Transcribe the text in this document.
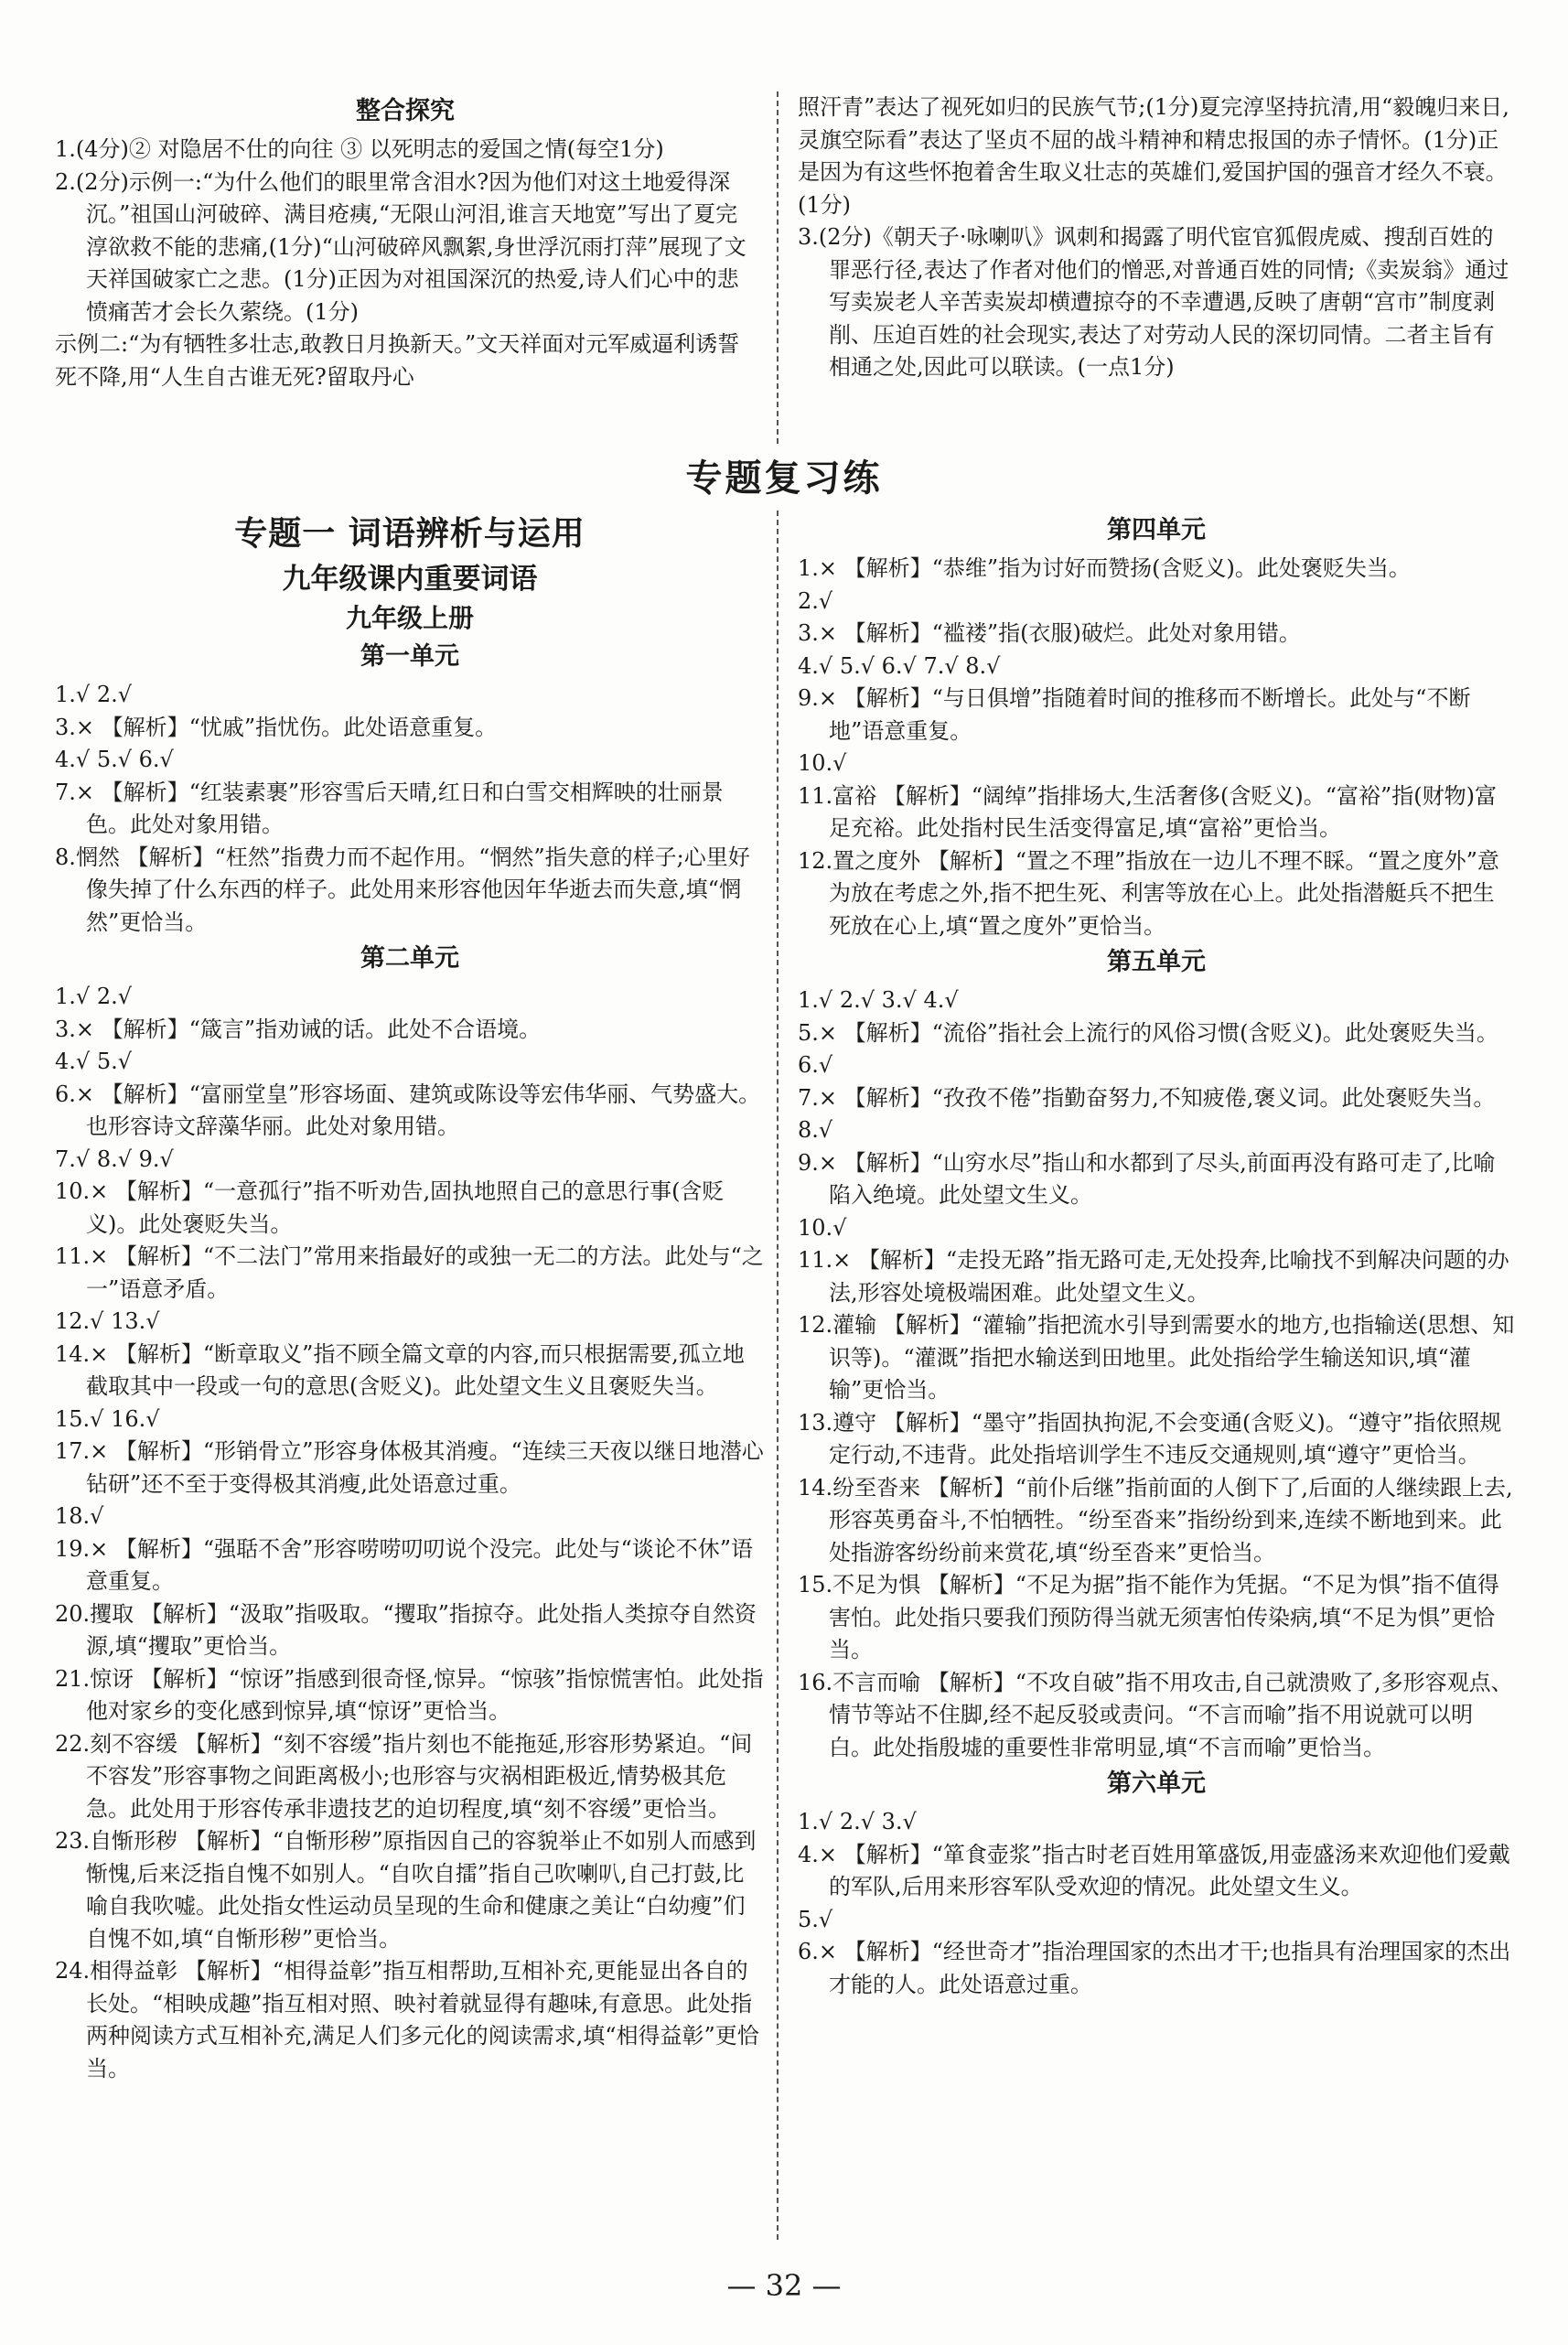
整合探究

1.(4分)② 对隐居不仕的向往 ③ 以死明志的爱国之情(每空1分)

2.(2分)示例一:“为什么他们的眼里常含泪水?因为他们对这土地爱得深沉。”祖国山河破碎、满目疮痍,“无限山河泪,谁言天地宽”写出了夏完淳欲救不能的悲痛,(1分)“山河破碎风飘絮,身世浮沉雨打萍”展现了文天祥国破家亡之悲。(1分)正因为对祖国深沉的热爱,诗人们心中的悲愤痛苦才会长久萦绕。(1分)

示例二:“为有牺牲多壮志,敢教日月换新天。”文天祥面对元军威逼利诱誓死不降,用“人生自古谁无死?留取丹心

照汗青”表达了视死如归的民族气节;(1分)夏完淳坚持抗清,用“毅魄归来日,灵旗空际看”表达了坚贞不屈的战斗精神和精忠报国的赤子情怀。(1分)正是因为有这些怀抱着舍生取义壮志的英雄们,爱国护国的强音才经久不衰。(1分)

3.(2分)《朝天子·咏喇叭》讽刺和揭露了明代宦官狐假虎威、搜刮百姓的罪恶行径,表达了作者对他们的憎恶,对普通百姓的同情;《卖炭翁》通过写卖炭老人辛苦卖炭却横遭掠夺的不幸遭遇,反映了唐朝“宫市”制度剥削、压迫百姓的社会现实,表达了对劳动人民的深切同情。二者主旨有相通之处,因此可以联读。(一点1分)

专题复习练
专题一 词语辨析与运用
九年级课内重要词语
九年级上册
第一单元

1.√ 2.√

3.× 【解析】“忧戚”指忧伤。此处语意重复。

4.√ 5.√ 6.√

7.× 【解析】“红装素裹”形容雪后天晴,红日和白雪交相辉映的壮丽景色。此处对象用错。

8.惘然 【解析】“枉然”指费力而不起作用。“惘然”指失意的样子;心里好像失掉了什么东西的样子。此处用来形容他因年华逝去而失意,填“惘然”更恰当。

第二单元

1.√ 2.√

3.× 【解析】“箴言”指劝诫的话。此处不合语境。

4.√ 5.√

6.× 【解析】“富丽堂皇”形容场面、建筑或陈设等宏伟华丽、气势盛大。也形容诗文辞藻华丽。此处对象用错。

7.√ 8.√ 9.√

10.× 【解析】“一意孤行”指不听劝告,固执地照自己的意思行事(含贬义)。此处褒贬失当。

11.× 【解析】“不二法门”常用来指最好的或独一无二的方法。此处与“之一”语意矛盾。

12.√ 13.√

14.× 【解析】“断章取义”指不顾全篇文章的内容,而只根据需要,孤立地截取其中一段或一句的意思(含贬义)。此处望文生义且褒贬失当。

15.√ 16.√

17.× 【解析】“形销骨立”形容身体极其消瘦。“连续三天夜以继日地潜心钻研”还不至于变得极其消瘦,此处语意过重。

18.√

19.× 【解析】“强聒不舍”形容唠唠叨叨说个没完。此处与“谈论不休”语意重复。

20.攫取 【解析】“汲取”指吸取。“攫取”指掠夺。此处指人类掠夺自然资源,填“攫取”更恰当。

21.惊讶 【解析】“惊讶”指感到很奇怪,惊异。“惊骇”指惊慌害怕。此处指他对家乡的变化感到惊异,填“惊讶”更恰当。

22.刻不容缓 【解析】“刻不容缓”指片刻也不能拖延,形容形势紧迫。“间不容发”形容事物之间距离极小;也形容与灾祸相距极近,情势极其危急。此处用于形容传承非遗技艺的迫切程度,填“刻不容缓”更恰当。

23.自惭形秽 【解析】“自惭形秽”原指因自己的容貌举止不如别人而感到惭愧,后来泛指自愧不如别人。“自吹自擂”指自己吹喇叭,自己打鼓,比喻自我吹嘘。此处指女性运动员呈现的生命和健康之美让“白幼瘦”们自愧不如,填“自惭形秽”更恰当。

24.相得益彰 【解析】“相得益彰”指互相帮助,互相补充,更能显出各自的长处。“相映成趣”指互相对照、映衬着就显得有趣味,有意思。此处指两种阅读方式互相补充,满足人们多元化的阅读需求,填“相得益彰”更恰当。

第四单元

1.× 【解析】“恭维”指为讨好而赞扬(含贬义)。此处褒贬失当。

2.√

3.× 【解析】“褴褛”指(衣服)破烂。此处对象用错。

4.√ 5.√ 6.√ 7.√ 8.√

9.× 【解析】“与日俱增”指随着时间的推移而不断增长。此处与“不断地”语意重复。

10.√

11.富裕 【解析】“阔绰”指排场大,生活奢侈(含贬义)。“富裕”指(财物)富足充裕。此处指村民生活变得富足,填“富裕”更恰当。

12.置之度外 【解析】“置之不理”指放在一边儿不理不睬。“置之度外”意为放在考虑之外,指不把生死、利害等放在心上。此处指潜艇兵不把生死放在心上,填“置之度外”更恰当。

第五单元

1.√ 2.√ 3.√ 4.√

5.× 【解析】“流俗”指社会上流行的风俗习惯(含贬义)。此处褒贬失当。

6.√

7.× 【解析】“孜孜不倦”指勤奋努力,不知疲倦,褒义词。此处褒贬失当。

8.√

9.× 【解析】“山穷水尽”指山和水都到了尽头,前面再没有路可走了,比喻陷入绝境。此处望文生义。

10.√

11.× 【解析】“走投无路”指无路可走,无处投奔,比喻找不到解决问题的办法,形容处境极端困难。此处望文生义。

12.灌输 【解析】“灌输”指把流水引导到需要水的地方,也指输送(思想、知识等)。“灌溉”指把水输送到田地里。此处指给学生输送知识,填“灌输”更恰当。

13.遵守 【解析】“墨守”指固执拘泥,不会变通(含贬义)。“遵守”指依照规定行动,不违背。此处指培训学生不违反交通规则,填“遵守”更恰当。

14.纷至沓来 【解析】“前仆后继”指前面的人倒下了,后面的人继续跟上去,形容英勇奋斗,不怕牺牲。“纷至沓来”指纷纷到来,连续不断地到来。此处指游客纷纷前来赏花,填“纷至沓来”更恰当。

15.不足为惧 【解析】“不足为据”指不能作为凭据。“不足为惧”指不值得害怕。此处指只要我们预防得当就无须害怕传染病,填“不足为惧”更恰当。

16.不言而喻 【解析】“不攻自破”指不用攻击,自己就溃败了,多形容观点、情节等站不住脚,经不起反驳或责问。“不言而喻”指不用说就可以明白。此处指殷墟的重要性非常明显,填“不言而喻”更恰当。

第六单元

1.√ 2.√ 3.√

4.× 【解析】“箪食壶浆”指古时老百姓用箪盛饭,用壶盛汤来欢迎他们爱戴的军队,后用来形容军队受欢迎的情况。此处望文生义。

5.√

6.× 【解析】“经世奇才”指治理国家的杰出才干;也指具有治理国家的杰出才能的人。此处语意过重。

— 32 —
